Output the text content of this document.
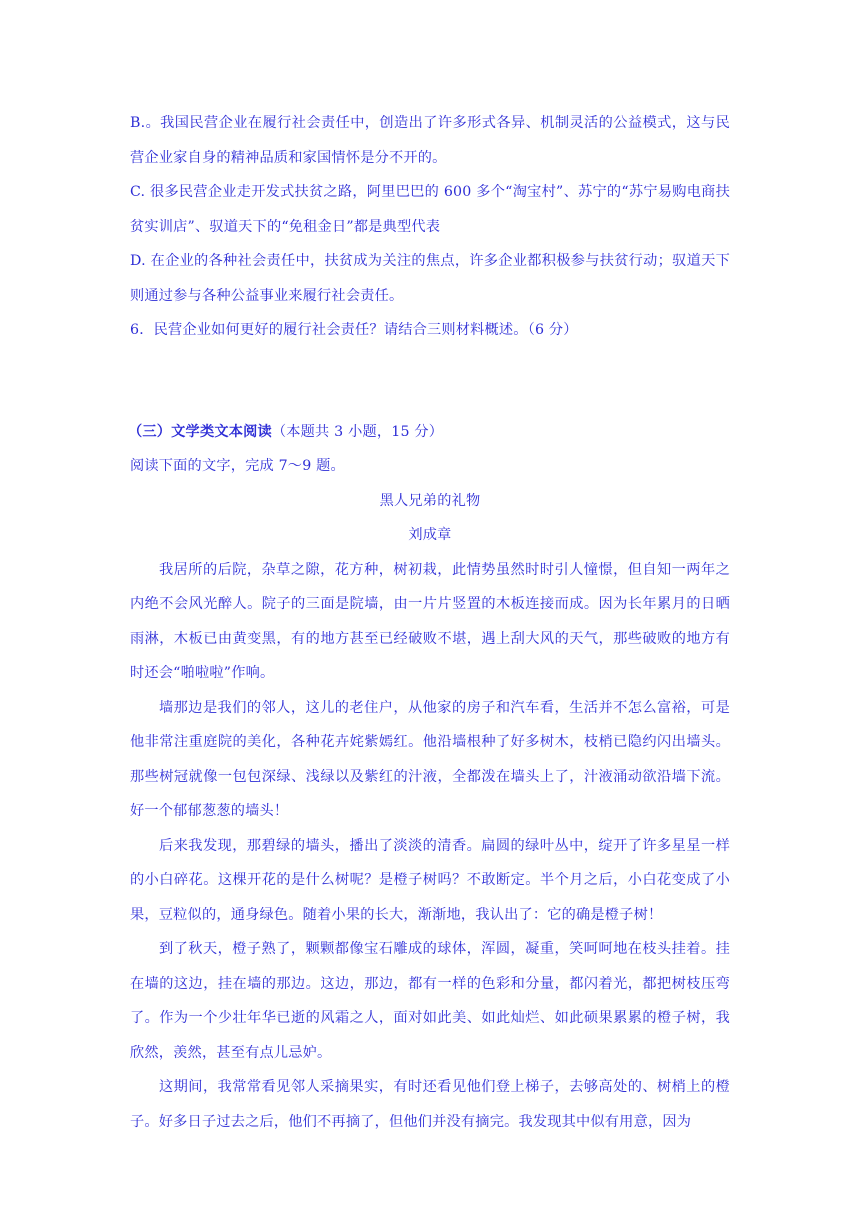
B.。我国民营企业在履行社会责任中，创造出了许多形式各异、机制灵活的公益模式，这与民营企业家自身的精神品质和家国情怀是分不开的。

C. 很多民营企业走开发式扶贫之路，阿里巴巴的 600 多个“淘宝村”、苏宁的“苏宁易购电商扶贫实训店”、驭道天下的“免租金日”都是典型代表

D. 在企业的各种社会责任中，扶贫成为关注的焦点，许多企业都积极参与扶贫行动；驭道天下则通过参与各种公益事业来履行社会责任。

6．民营企业如何更好的履行社会责任？请结合三则材料概述。（6 分）

（三）文学类文本阅读（本题共 3 小题，15 分）

阅读下面的文字，完成 7～9 题。

黑人兄弟的礼物

刘成章

我居所的后院，杂草之隙，花方种，树初栽，此情势虽然时时引人憧憬，但自知一两年之内绝不会风光醉人。院子的三面是院墙，由一片片竖置的木板连接而成。因为长年累月的日晒雨淋，木板已由黄变黑，有的地方甚至已经破败不堪，遇上刮大风的天气，那些破败的地方有时还会“啪啦啦”作响。

墙那边是我们的邻人，这儿的老住户，从他家的房子和汽车看，生活并不怎么富裕，可是他非常注重庭院的美化，各种花卉姹紫嫣红。他沿墙根种了好多树木，枝梢已隐约闪出墙头。那些树冠就像一包包深绿、浅绿以及紫红的汁液，全都泼在墙头上了，汁液涌动欲沿墙下流。好一个郁郁葱葱的墙头！

后来我发现，那碧绿的墙头，播出了淡淡的清香。扁圆的绿叶丛中，绽开了许多星星一样的小白碎花。这棵开花的是什么树呢？是橙子树吗？不敢断定。半个月之后，小白花变成了小果，豆粒似的，通身绿色。随着小果的长大，渐渐地，我认出了：它的确是橙子树！

到了秋天，橙子熟了，颗颗都像宝石雕成的球体，浑圆，凝重，笑呵呵地在枝头挂着。挂在墙的这边，挂在墙的那边。这边，那边，都有一样的色彩和分量，都闪着光，都把树枝压弯了。作为一个少壮年华已逝的风霜之人，面对如此美、如此灿烂、如此硕果累累的橙子树，我欣然，羡然，甚至有点儿忌妒。

这期间，我常常看见邻人采摘果实，有时还看见他们登上梯子，去够高处的、树梢上的橙子。好多日子过去之后，他们不再摘了，但他们并没有摘完。我发现其中似有用意，因为
